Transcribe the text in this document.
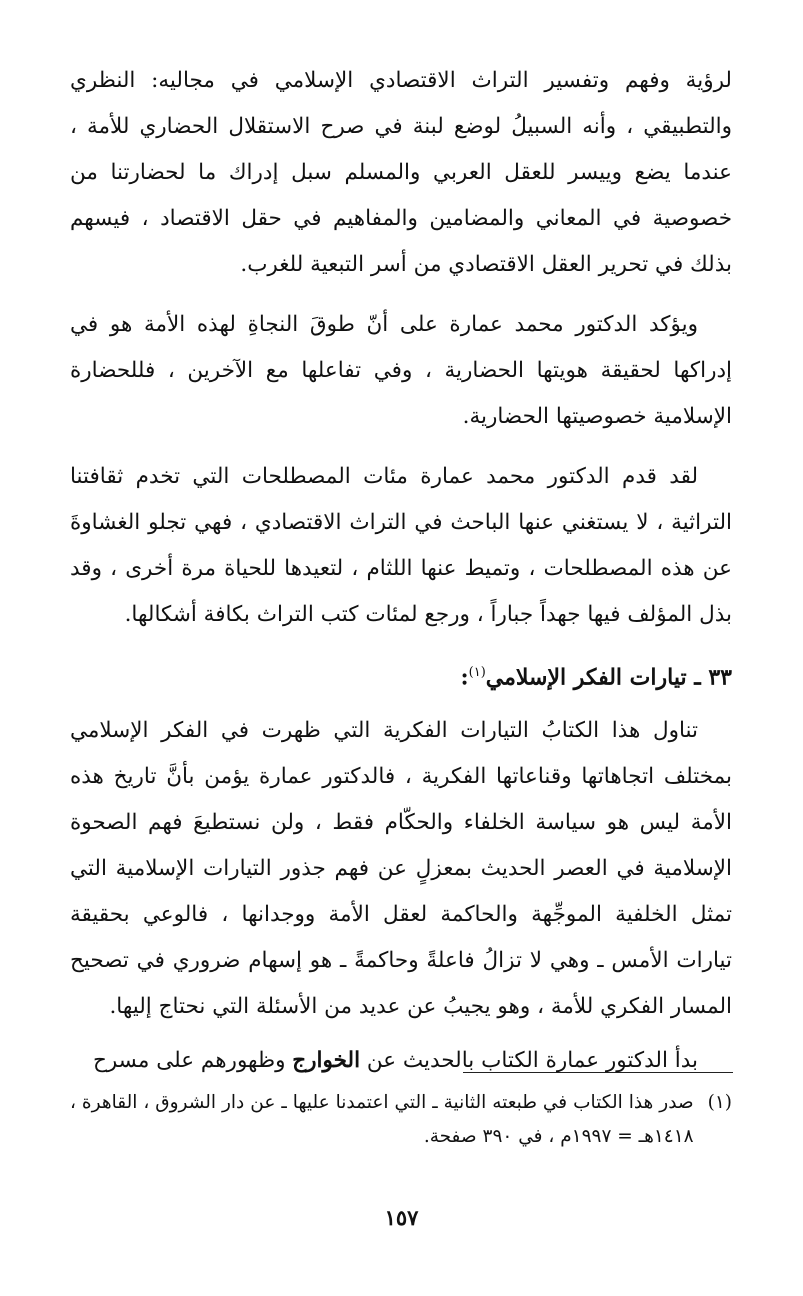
لرؤية وفهم وتفسير التراث الاقتصادي الإسلامي في مجاليه: النظري والتطبيقي ، وأنه السبيلُ لوضع لبنة في صرح الاستقلال الحضاري للأمة ، عندما يضع وييسر للعقل العربي والمسلم سبل إدراك ما لحضارتنا من خصوصية في المعاني والمضامين والمفاهيم في حقل الاقتصاد ، فيسهم بذلك في تحرير العقل الاقتصادي من أسر التبعية للغرب.

ويؤكد الدكتور محمد عمارة على أنّ طوقَ النجاةِ لهذه الأمة هو في إدراكها لحقيقة هويتها الحضارية ، وفي تفاعلها مع الآخرين ، فللحضارة الإسلامية خصوصيتها الحضارية.

لقد قدم الدكتور محمد عمارة مئات المصطلحات التي تخدم ثقافتنا التراثية ، لا يستغني عنها الباحث في التراث الاقتصادي ، فهي تجلو الغشاوةَ عن هذه المصطلحات ، وتميط عنها اللثام ، لتعيدها للحياة مرة أخرى ، وقد بذل المؤلف فيها جهداً جباراً ، ورجع لمئات كتب التراث بكافة أشكالها.

٣٣ ـ تيارات الفكر الإسلامي$^{(١)}$:

تناول هذا الكتابُ التيارات الفكرية التي ظهرت في الفكر الإسلامي بمختلف اتجاهاتها وقناعاتها الفكرية ، فالدكتور عمارة يؤمن بأنَّ تاريخ هذه الأمة ليس هو سياسة الخلفاء والحكّام فقط ، ولن نستطيعَ فهم الصحوة الإسلامية في العصر الحديث بمعزلٍ عن فهم جذور التيارات الإسلامية التي تمثل الخلفية الموجِّهة والحاكمة لعقل الأمة ووجدانها ، فالوعي بحقيقة تيارات الأمس ـ وهي لا تزالُ فاعلةً وحاكمةً ـ هو إسهام ضروري في تصحيح المسار الفكري للأمة ، وهو يجيبُ عن عديد من الأسئلة التي نحتاج إليها.

بدأ الدكتور عمارة الكتاب بالحديث عن الخوارج وظهورهم على مسرح

(١)
صدر هذا الكتاب في طبعته الثانية ـ التي اعتمدنا عليها ـ عن دار الشروق ، القاهرة ، ١٤١٨هـ = ١٩٩٧م ، في ٣٩٠ صفحة.

١٥٧
